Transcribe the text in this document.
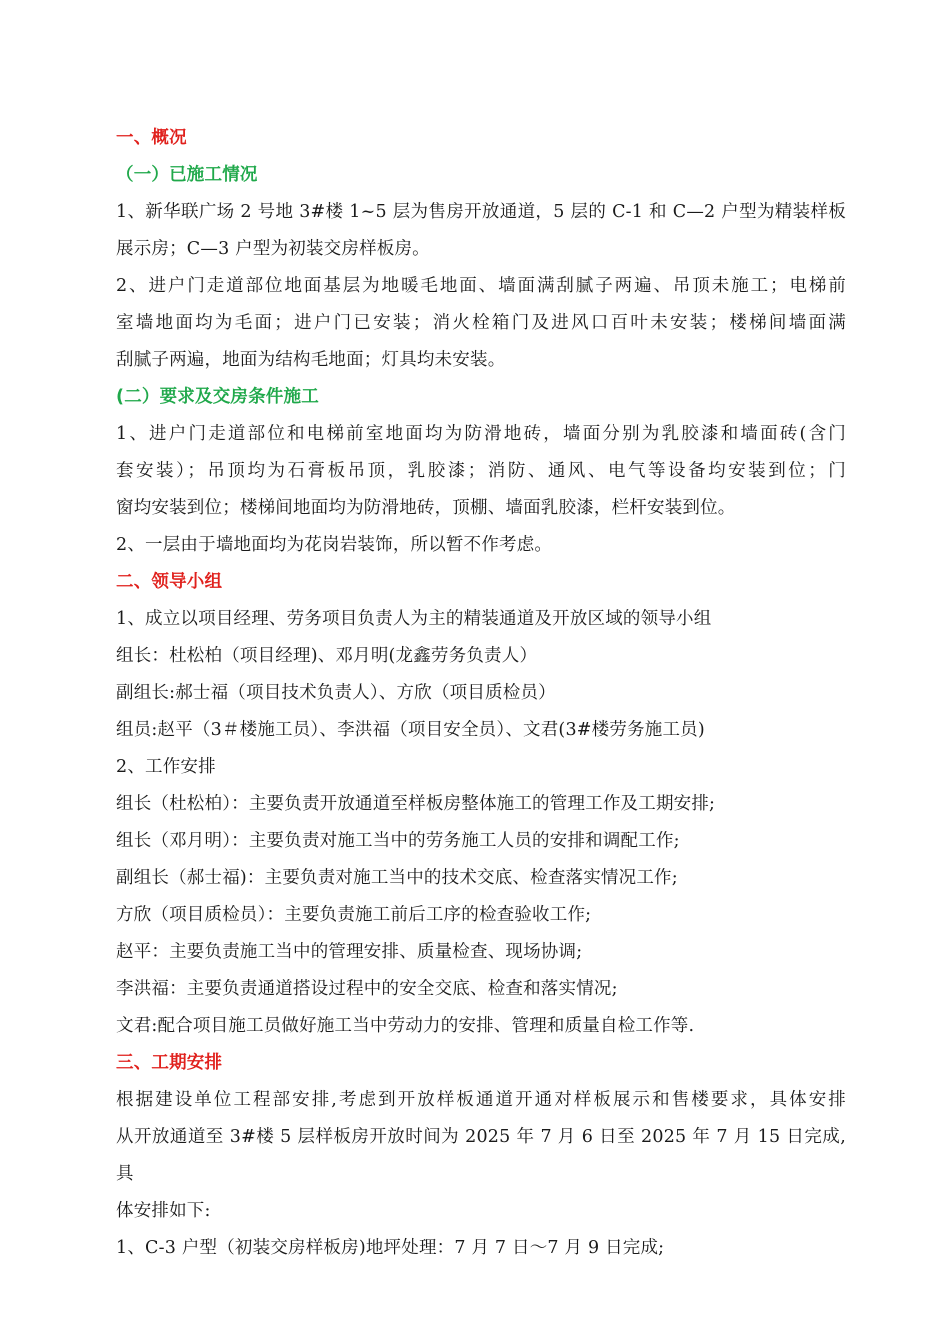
一、概况
（一）已施工情况
1、新华联广场 2 号地 3#楼 1~5 层为售房开放通道，5 层的 C-1 和 C—2 户型为精装样板
展示房；C—3 户型为初装交房样板房。
2、进户门走道部位地面基层为地暖毛地面、墙面满刮腻子两遍、吊顶未施工；电梯前
室墙地面均为毛面；进户门已安装；消火栓箱门及进风口百叶未安装；楼梯间墙面满
刮腻子两遍，地面为结构毛地面；灯具均未安装。
(二）要求及交房条件施工
1、进户门走道部位和电梯前室地面均为防滑地砖，墙面分别为乳胶漆和墙面砖(含门
套安装）；吊顶均为石膏板吊顶，乳胶漆；消防、通风、电气等设备均安装到位；门
窗均安装到位；楼梯间地面均为防滑地砖，顶棚、墙面乳胶漆，栏杆安装到位。
2、一层由于墙地面均为花岗岩装饰，所以暂不作考虑。
二、领导小组
1、成立以项目经理、劳务项目负责人为主的精装通道及开放区域的领导小组
组长：杜松柏（项目经理)、邓月明(龙鑫劳务负责人）
副组长:郝士福（项目技术负责人）、方欣（项目质检员）
组员:赵平（3＃楼施工员）、李洪福（项目安全员）、文君(3#楼劳务施工员)
2、工作安排
组长（杜松柏）：主要负责开放通道至样板房整体施工的管理工作及工期安排;
组长（邓月明）：主要负责对施工当中的劳务施工人员的安排和调配工作;
副组长（郝士福)：主要负责对施工当中的技术交底、检查落实情况工作;
方欣（项目质检员）：主要负责施工前后工序的检查验收工作;
赵平：主要负责施工当中的管理安排、质量检查、现场协调;
李洪福：主要负责通道搭设过程中的安全交底、检查和落实情况;
文君:配合项目施工员做好施工当中劳动力的安排、管理和质量自检工作等.
三、工期安排
根据建设单位工程部安排,考虑到开放样板通道开通对样板展示和售楼要求，具体安排
从开放通道至 3#楼 5 层样板房开放时间为 2025 年 7 月 6 日至 2025 年 7 月 15 日完成,具
体安排如下:
1、C-3 户型（初装交房样板房)地坪处理：7 月 7 日～7 月 9 日完成;
